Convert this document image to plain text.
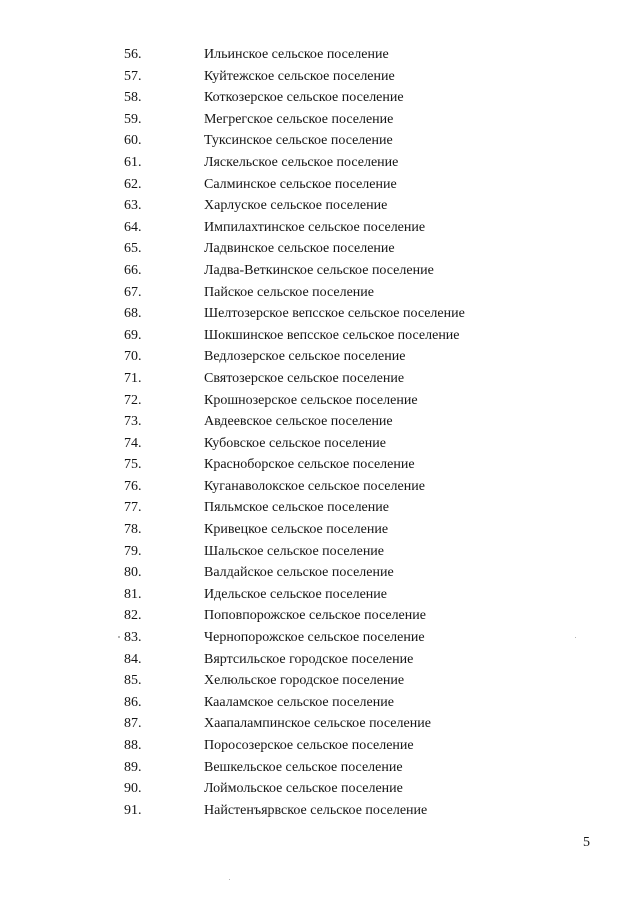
56.	Ильинское сельское поселение
57.	Куйтежское сельское поселение
58.	Коткозерское сельское поселение
59.	Мегрегское сельское поселение
60.	Туксинское сельское поселение
61.	Ляскельское сельское поселение
62.	Салминское сельское поселение
63.	Харлуское сельское поселение
64.	Импилахтинское сельское поселение
65.	Ладвинское сельское поселение
66.	Ладва-Веткинское сельское поселение
67.	Пайское сельское поселение
68.	Шелтозерское вепсское сельское поселение
69.	Шокшинское вепсское сельское поселение
70.	Ведлозерское сельское поселение
71.	Святозерское сельское поселение
72.	Крошнозерское сельское поселение
73.	Авдеевское сельское поселение
74.	Кубовское сельское поселение
75.	Красноборское сельское поселение
76.	Куганаволокское сельское поселение
77.	Пяльмское сельское поселение
78.	Кривецкое сельское поселение
79.	Шальское сельское поселение
80.	Валдайское сельское поселение
81.	Идельское сельское поселение
82.	Поповпорожское сельское поселение
83.	Чернопорожское сельское поселение
84.	Вяртсильское городское поселение
85.	Хелюльское городское поселение
86.	Кааламское сельское поселение
87.	Хаапалампинское сельское поселение
88.	Поросозерское сельское поселение
89.	Вешкельское сельское поселение
90.	Лоймольское сельское поселение
91.	Найстенъярвское сельское поселение
5
